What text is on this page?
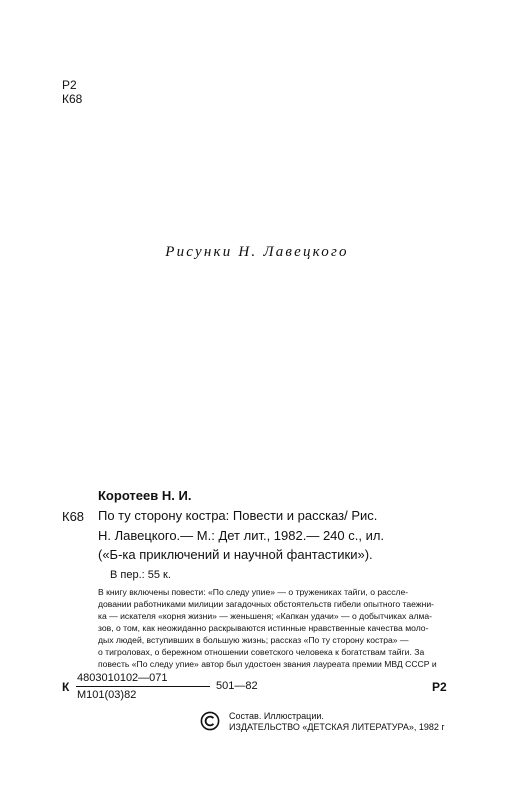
Р2
К68
Рисунки Н. Лавецкого
Коротеев Н. И.
К68 По ту сторону костра: Повести и рассказ/ Рис.
Н. Лавецкого.— М.: Дет лит., 1982.— 240 с., ил.
(«Б-ка приключений и научной фантастики»).
В пер.: 55 к.
В книгу включены повести: «По следу упие» — о тружениках тайги, о рассле-
довании работниками милиции загадочных обстоятельств гибели опытного таежни-
ка — искателя «корня жизни» — женьшеня; «Капкан удачи» — о добытчиках алма-
зов, о том, как неожиданно раскрываются истинные нравственные качества моло-
дых людей, вступивших в большую жизнь; рассказ «По ту сторону костра» —
о тигроловах, о бережном отношении советского человека к богатствам тайги. За
повесть «По следу упие» автор был удостоен звания лауреата премии МВД СССР и
К
4803010102—071
М101(03)82
501—82	Р2
Состав. Иллюстрации.
ИЗДАТЕЛЬСТВО «ДЕТСКАЯ ЛИТЕРАТУРА», 1982 г
